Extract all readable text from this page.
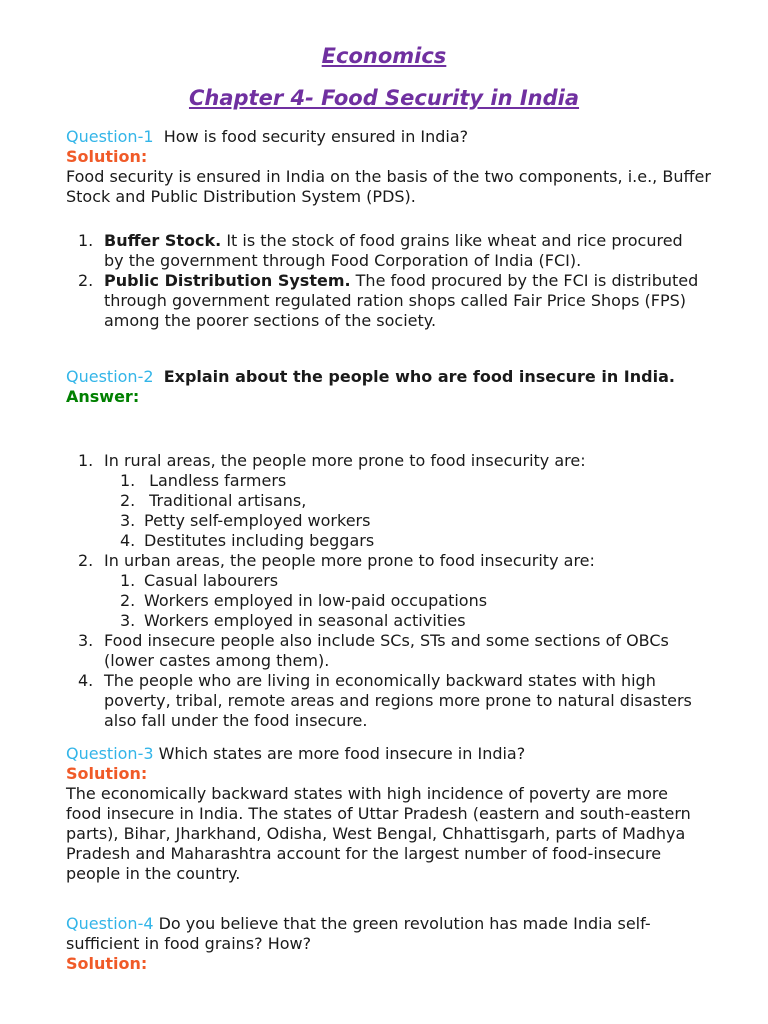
Economics
Chapter 4- Food Security in India
Question-1 How is food security ensured in India?
Solution:
Food security is ensured in India on the basis of the two components, i.e., Buffer Stock and Public Distribution System (PDS).
1. Buffer Stock. It is the stock of food grains like wheat and rice procured by the government through Food Corporation of India (FCI).
2. Public Distribution System. The food procured by the FCI is distributed through government regulated ration shops called Fair Price Shops (FPS) among the poorer sections of the society.
Question-2 Explain about the people who are food insecure in India.
Answer:
1. In rural areas, the people more prone to food insecurity are:
1. Landless farmers
2. Traditional artisans,
3. Petty self-employed workers
4. Destitutes including beggars
2. In urban areas, the people more prone to food insecurity are:
1. Casual labourers
2. Workers employed in low-paid occupations
3. Workers employed in seasonal activities
3. Food insecure people also include SCs, STs and some sections of OBCs (lower castes among them).
4. The people who are living in economically backward states with high poverty, tribal, remote areas and regions more prone to natural disasters also fall under the food insecure.
Question-3 Which states are more food insecure in India?
Solution:
The economically backward states with high incidence of poverty are more food insecure in India. The states of Uttar Pradesh (eastern and south-eastern parts), Bihar, Jharkhand, Odisha, West Bengal, Chhattisgarh, parts of Madhya Pradesh and Maharashtra account for the largest number of food-insecure people in the country.
Question-4 Do you believe that the green revolution has made India self-sufficient in food grains? How?
Solution:
